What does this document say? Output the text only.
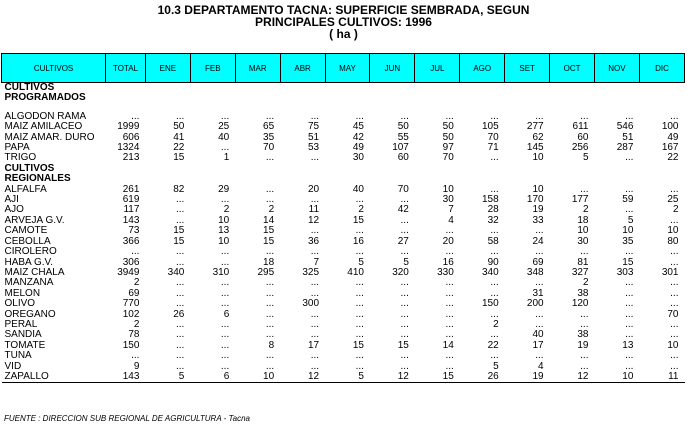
10.3 DEPARTAMENTO TACNA: SUPERFICIE SEMBRADA, SEGUN
PRINCIPALES CULTIVOS: 1996
( ha )
CULTIVOS	TOTAL	ENE	FEB	MAR	ABR	MAY	JUN	JUL	AGO	SET	OCT	NOV	DIC
CULTIVOS													
PROGRAMADOS													

ALGODON RAMA	...	...	...	...	...	...	...	...	...	...	...	...	...
MAIZ AMILACEO	1999	50	25	65	75	45	50	50	105	277	611	546	100
MAIZ AMAR. DURO	606	41	40	35	51	42	55	50	70	62	60	51	49
PAPA	1324	22	...	70	53	49	107	97	71	145	256	287	167
TRIGO	213	15	1	...	...	30	60	70	...	10	5	...	22
CULTIVOS													
REGIONALES													
ALFALFA	261	82	29	...	20	40	70	10	...	10	...	...	...
AJI	619	...	...	...	...	...	...	30	158	170	177	59	25
AJO	117	...	2	2	11	2	42	7	28	19	2	...	2
ARVEJA G.V.	143	...	10	14	12	15	...	4	32	33	18	5	...
CAMOTE	73	15	13	15	...	...	...	...	...	...	10	10	10
CEBOLLA	366	15	10	15	36	16	27	20	58	24	30	35	80
CIROLERO	...	...	...	...	...	...	...	...	...	...	...	...	...
HABA G.V.	306	...	...	18	7	5	5	16	90	69	81	15	...
MAIZ CHALA	3949	340	310	295	325	410	320	330	340	348	327	303	301
MANZANA	2	...	...	...	...	...	...	...	...	...	2	...	...
MELON	69	...	...	...	...	...	...	...	...	31	38	...	...
OLIVO	770	...	...	...	300	...	...	...	150	200	120	...	...
OREGANO	102	26	6	...	...	...	...	...	...	...	...	...	70
PERAL	2	...	...	...	...	...	...	...	2	...	...	...	...
SANDIA	78	...	...	...	...	...	...	...	...	40	38	...	...
TOMATE	150	...	...	8	17	15	15	14	22	17	19	13	10
TUNA	...	...	...	...	...	...	...	...	...	...	...	...	...
VID	9	...	...	...	...	...	...	...	5	4	...	...	...
ZAPALLO	143	5	6	10	12	5	12	15	26	19	12	10	11
FUENTE : DIRECCION SUB REGIONAL DE AGRICULTURA - Tacna
